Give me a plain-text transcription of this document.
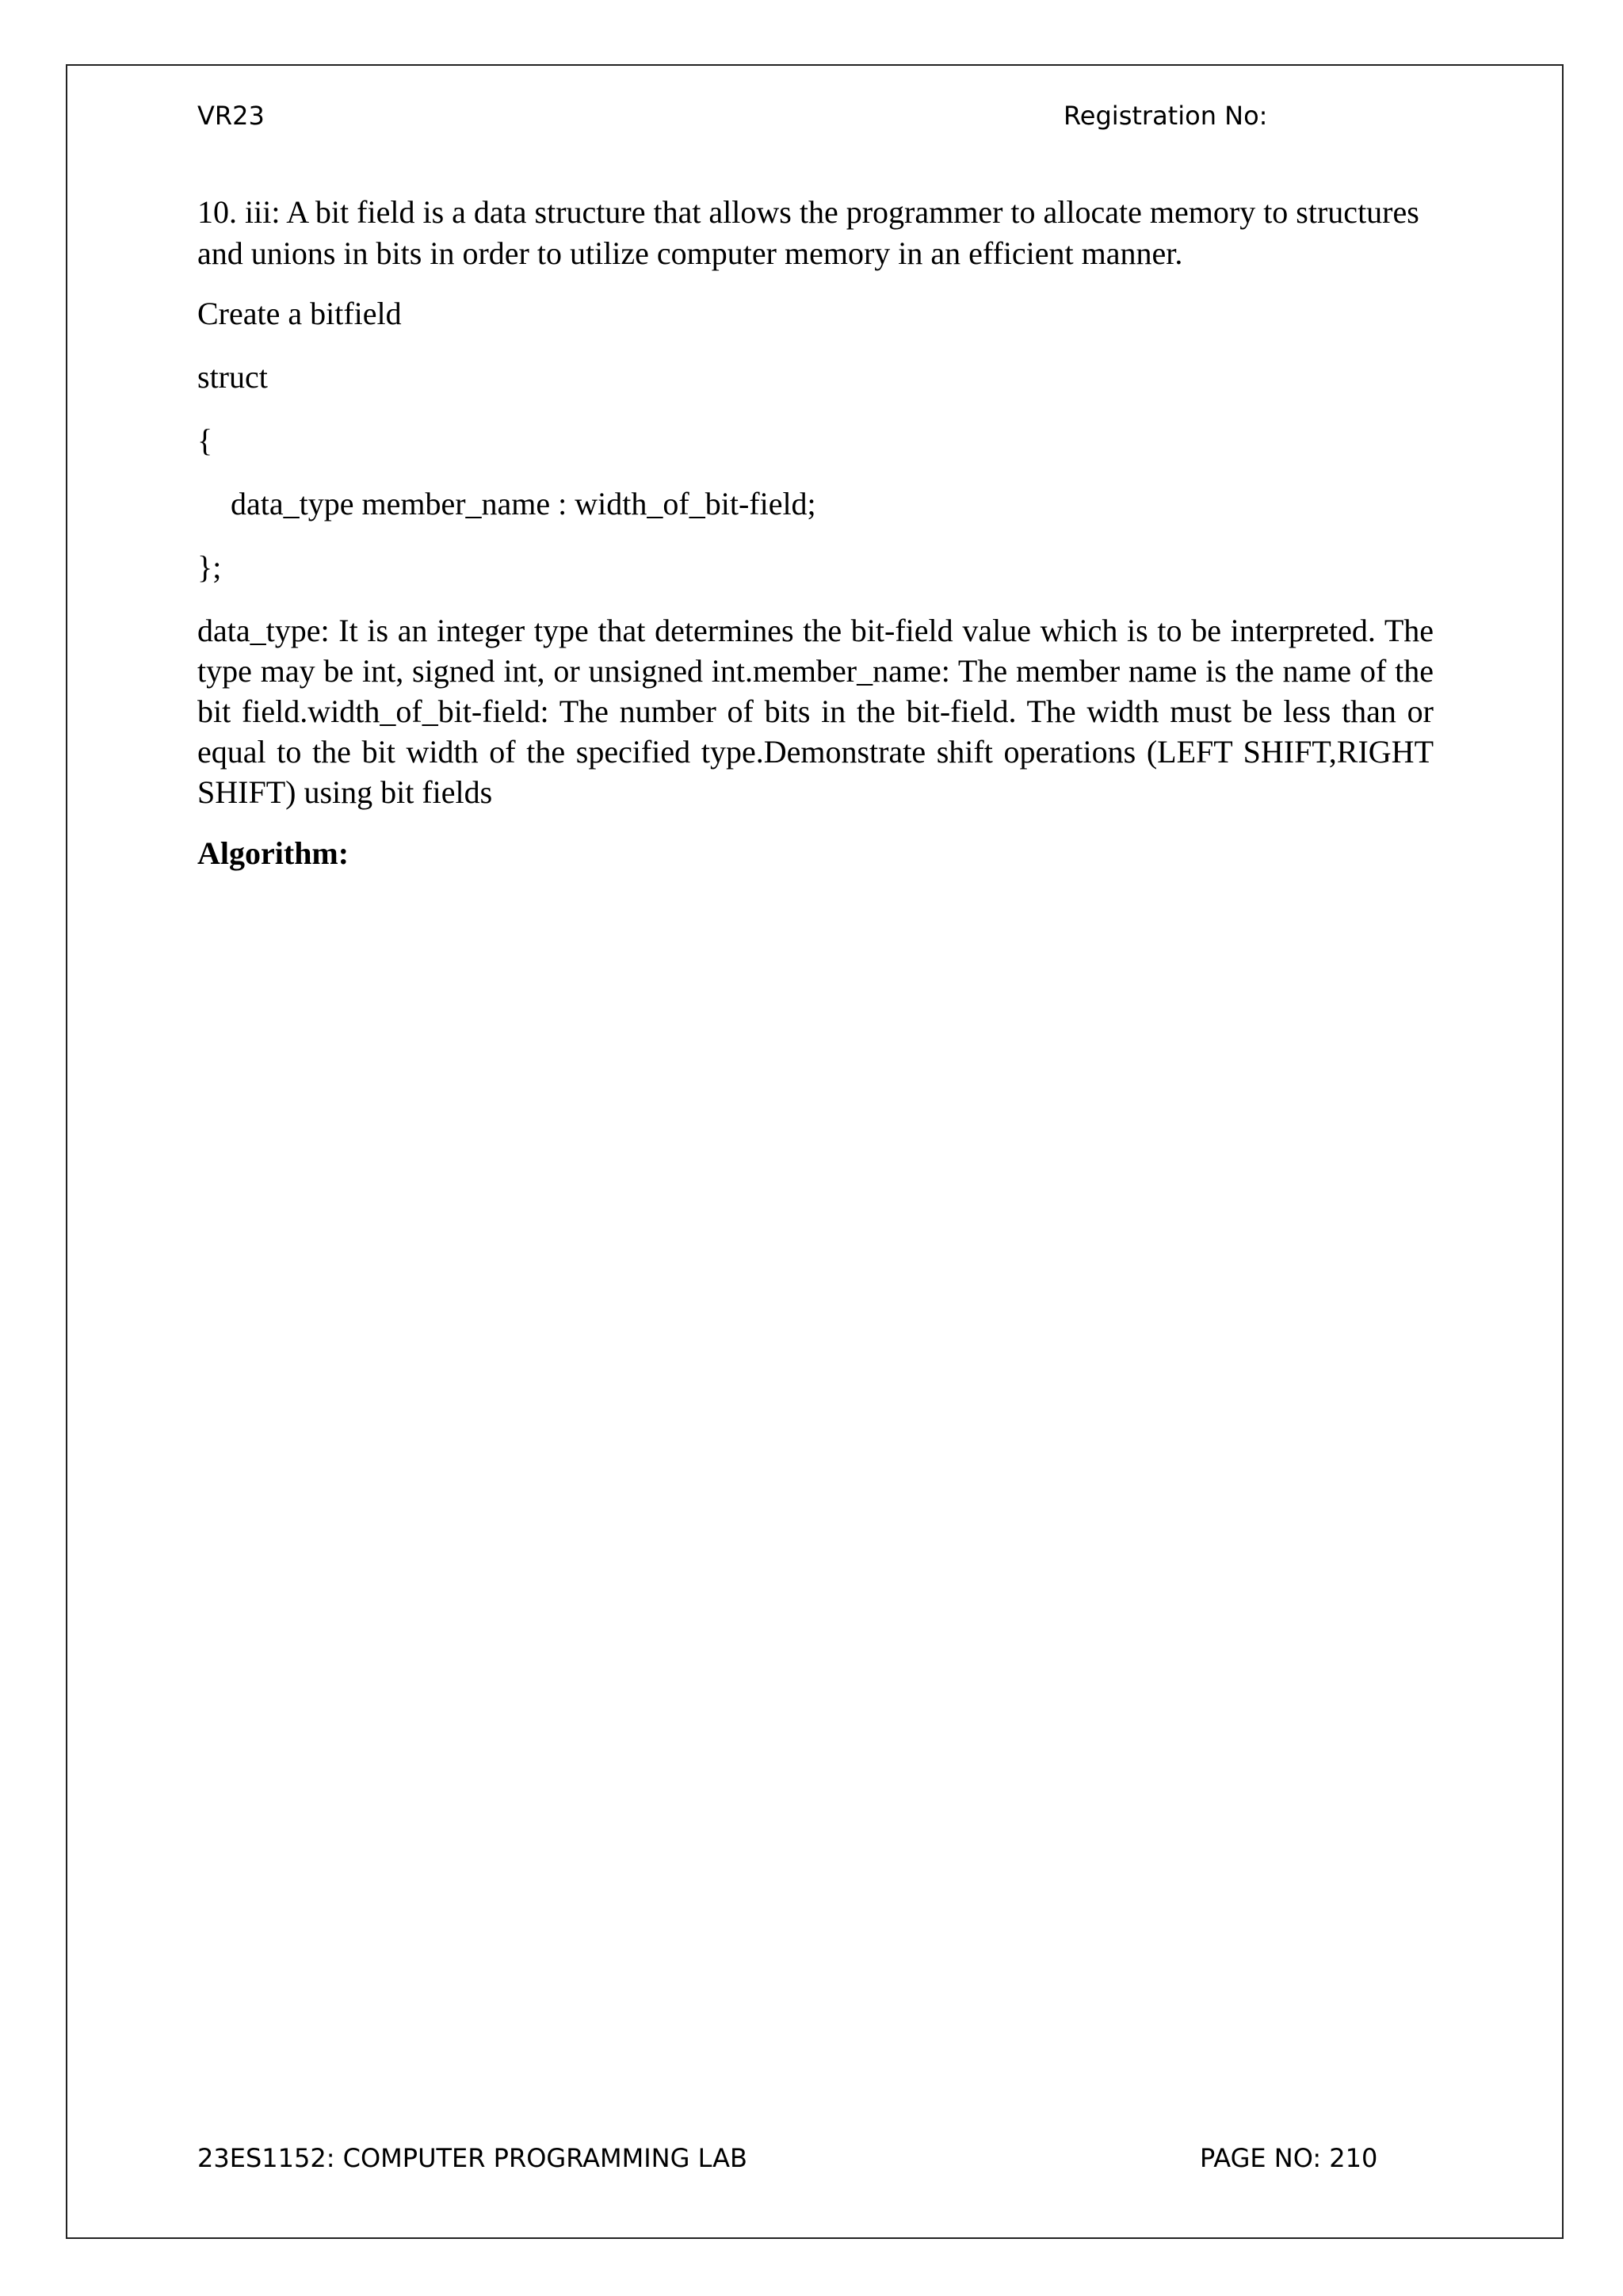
VR23	Registration No:

10. iii: A bit field is a data structure that allows the programmer to allocate memory to structures and unions in bits in order to utilize computer memory in an efficient manner.

Create a bitfield

struct

{

data_type member_name : width_of_bit-field;

};

data_type: It is an integer type that determines the bit-field value which is to be interpreted. The type may be int, signed int, or unsigned int.member_name: The member name is the name of the bit field.width_of_bit-field: The number of bits in the bit-field. The width must be less than or equal to the bit width of the specified type.Demonstrate shift operations (LEFT SHIFT,RIGHT SHIFT) using bit fields

Algorithm:

23ES1152: COMPUTER PROGRAMMING LAB	PAGE NO: 210
